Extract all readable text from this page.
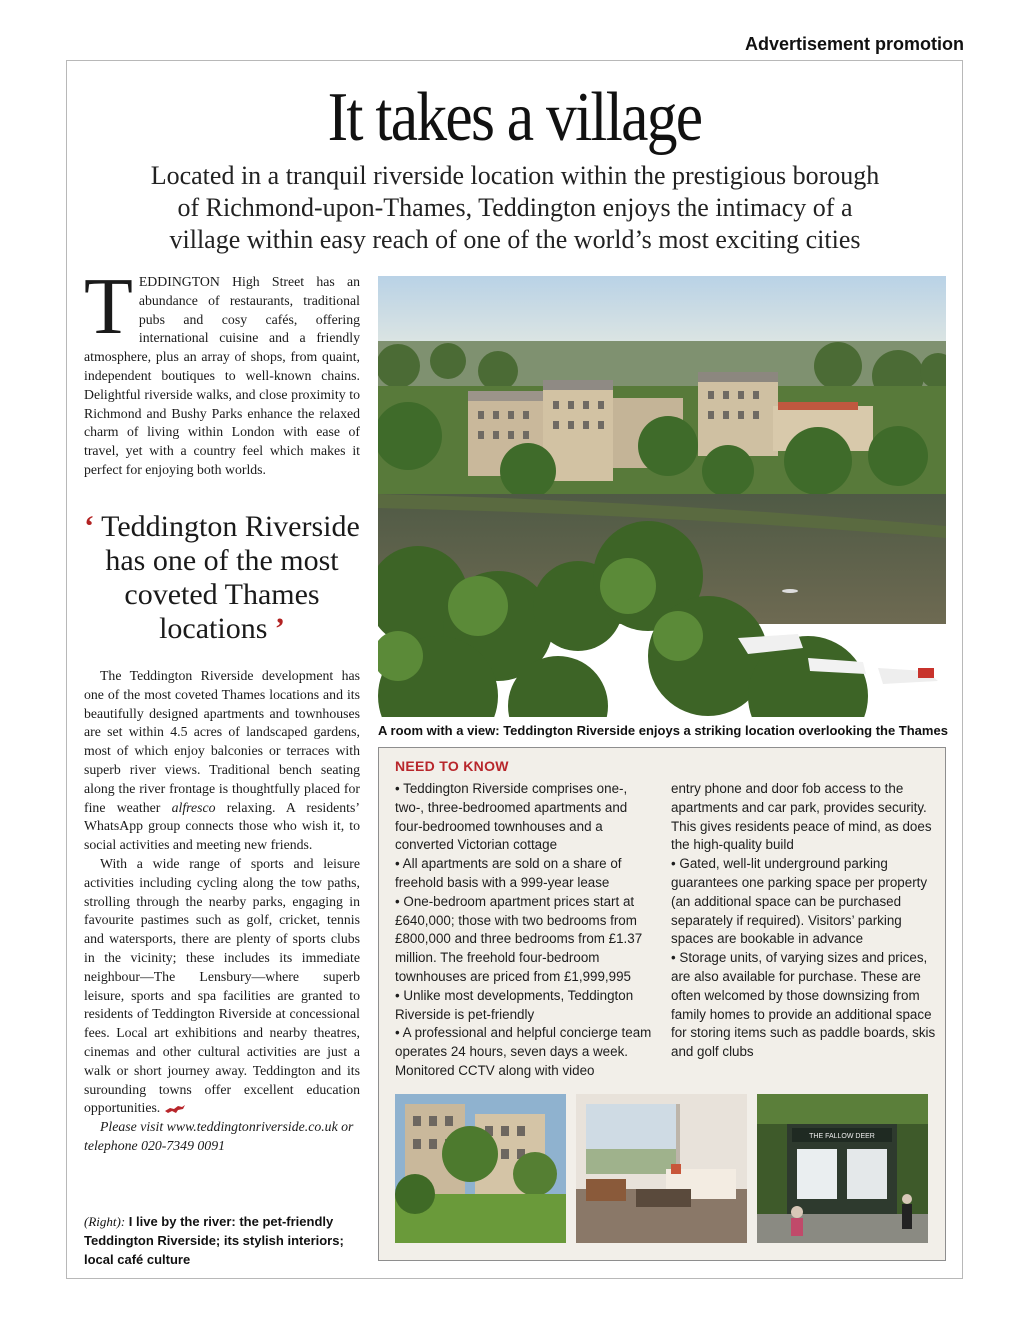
Advertisement promotion
It takes a village
Located in a tranquil riverside location within the prestigious borough of Richmond-upon-Thames, Teddington enjoys the intimacy of a village within easy reach of one of the world’s most exciting cities
T EDDINGTON High Street has an abundance of restaurants, traditional pubs and cosy cafés, offering international cuisine and a friendly atmosphere, plus an array of shops, from quaint, independent boutiques to well-known chains. Delightful riverside walks, and close proximity to Richmond and Bushy Parks enhance the relaxed charm of living within London with ease of travel, yet with a country feel which makes it perfect for enjoying both worlds.

‘ Teddington Riverside has one of the most coveted Thames locations ’

The Teddington Riverside development has one of the most coveted Thames locations and its beautifully designed apartments and townhouses are set within 4.5 acres of landscaped gardens, most of which enjoy balconies or terraces with superb river views. Traditional bench seating along the river frontage is thoughtfully placed for fine weather alfresco relaxing. A residents’ WhatsApp group connects those who wish it, to social activities and meeting new friends.

With a wide range of sports and leisure activities including cycling along the tow paths, strolling through the nearby parks, engaging in favourite pastimes such as golf, cricket, tennis and watersports, there are plenty of sports clubs in the vicinity; these includes its immediate neighbour—The Lensbury—where superb leisure, sports and spa facilities are granted to residents of Teddington Riverside at concessional fees. Local art exhibitions and nearby theatres, cinemas and other cultural activities are just a walk or short journey away. Teddington and its surounding towns offer excellent education opportunities.

Please visit www.teddingtonriverside.co.uk or telephone 020-7349 0091

(Right): I live by the river: the pet-friendly Teddington Riverside; its stylish interiors; local café culture
A room with a view: Teddington Riverside enjoys a striking location overlooking the Thames
NEED TO KNOW

• Teddington Riverside comprises one-, two-, three-bedroomed apartments and four-bedroomed townhouses and a converted Victorian cottage

• All apartments are sold on a share of freehold basis with a 999-year lease

• One-bedroom apartment prices start at £640,000; those with two bedrooms from £800,000 and three bedrooms from £1.37 million. The freehold four-bedroom townhouses are priced from £1,999,995

• Unlike most developments, Teddington Riverside is pet-friendly

• A professional and helpful concierge team operates 24 hours, seven days a week. Monitored CCTV along with video

entry phone and door fob access to the apartments and car park, provides security. This gives residents peace of mind, as does the high-quality build

• Gated, well-lit underground parking guarantees one parking space per property (an additional space can be purchased separately if required). Visitors’ parking spaces are bookable in advance

• Storage units, of varying sizes and prices, are also available for purchase. These are often welcomed by those downsizing from family homes to provide an additional space for storing items such as paddle boards, skis and golf clubs

THE FALLOW DEER
